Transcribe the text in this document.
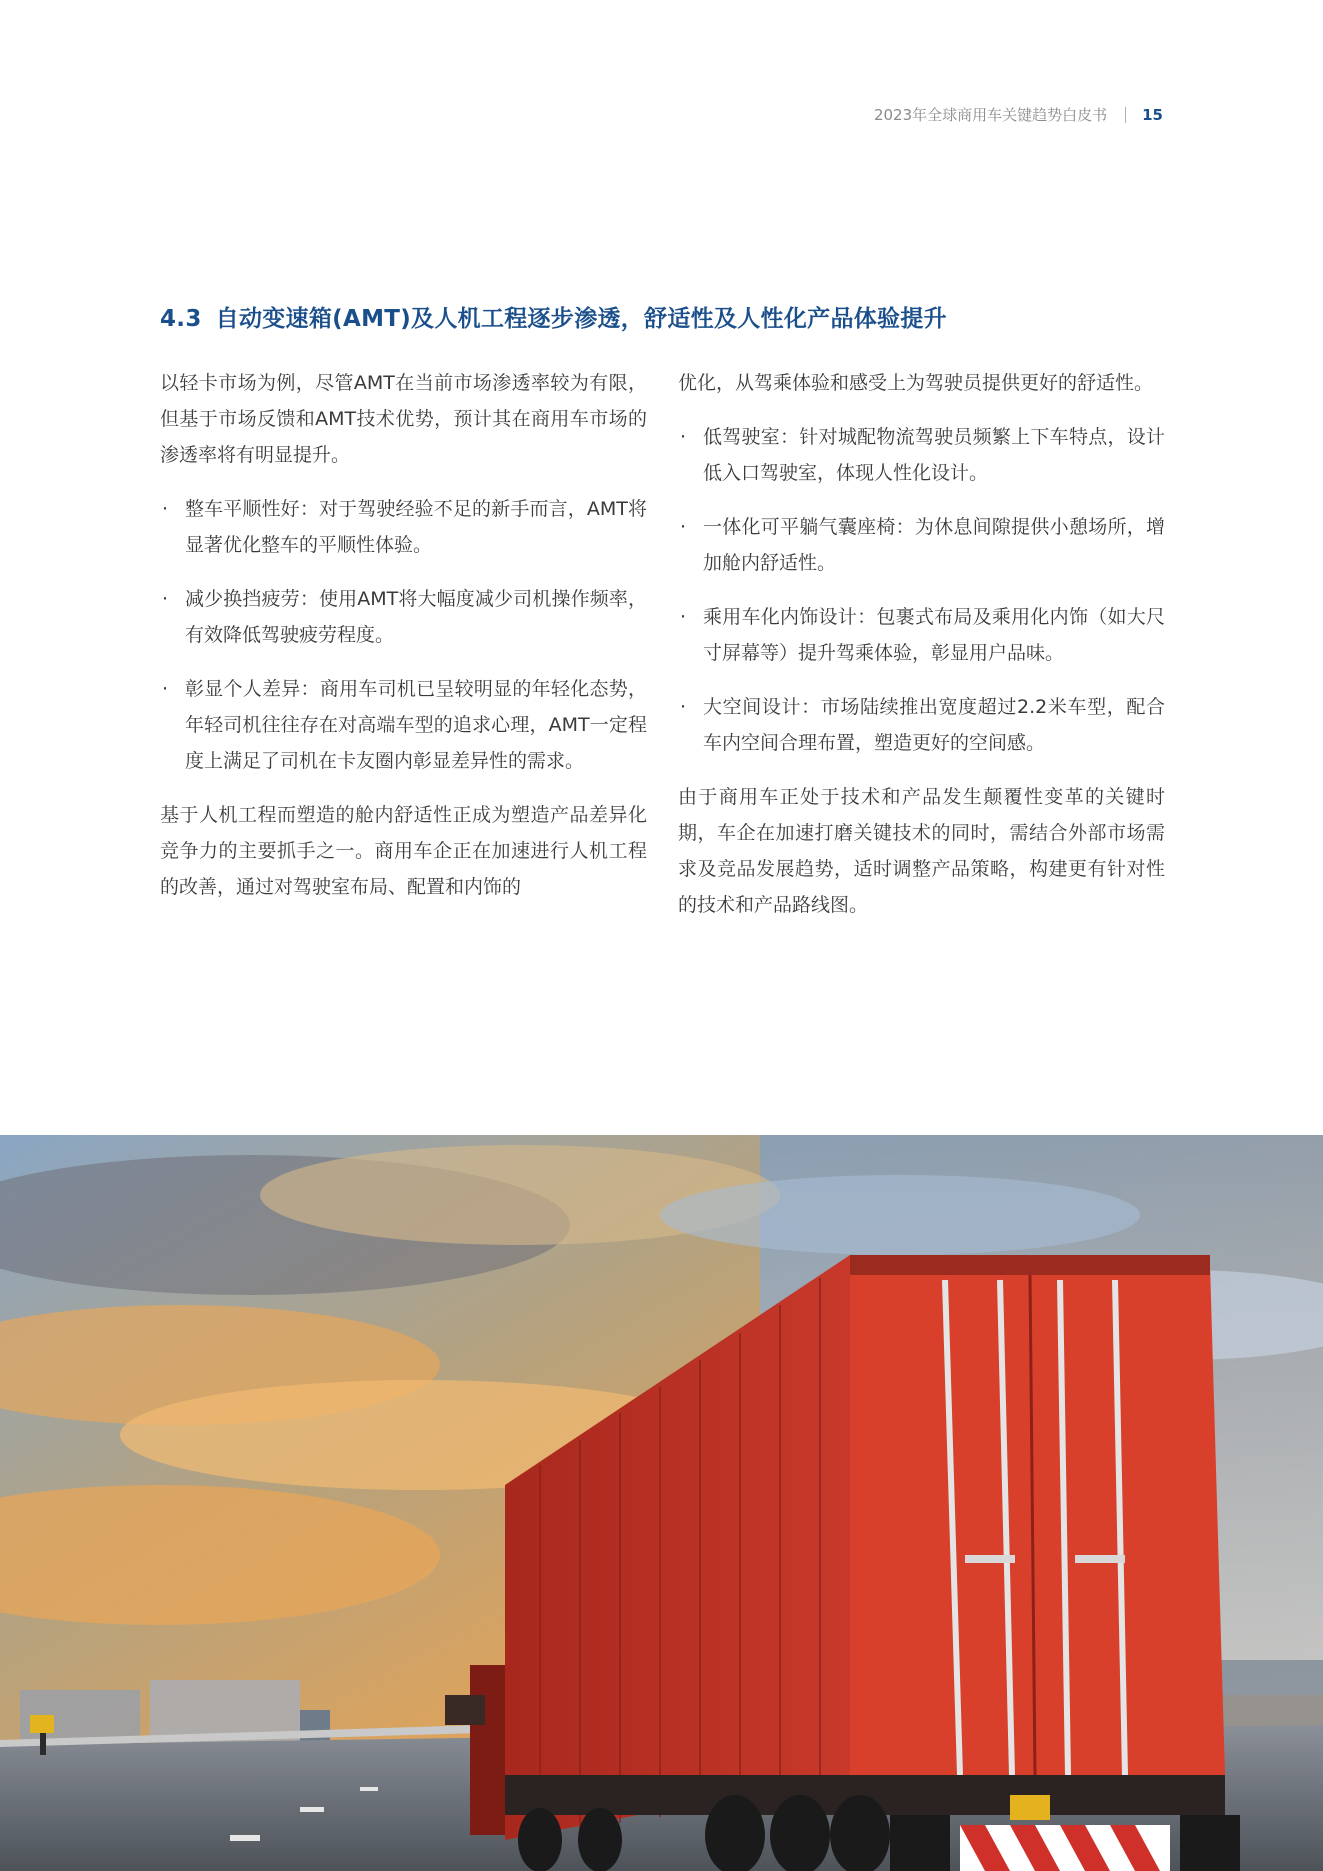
2023年全球商用车关键趋势白皮书 15
4.3 自动变速箱(AMT)及人机工程逐步渗透，舒适性及人性化产品体验提升

以轻卡市场为例，尽管AMT在当前市场渗透率较为有限，但基于市场反馈和AMT技术优势，预计其在商用车市场的渗透率将有明显提升。

· 整车平顺性好：对于驾驶经验不足的新手而言，AMT将显著优化整车的平顺性体验。
· 减少换挡疲劳：使用AMT将大幅度减少司机操作频率，有效降低驾驶疲劳程度。
· 彰显个人差异：商用车司机已呈较明显的年轻化态势，年轻司机往往存在对高端车型的追求心理，AMT一定程度上满足了司机在卡友圈内彰显差异性的需求。

基于人机工程而塑造的舱内舒适性正成为塑造产品差异化竞争力的主要抓手之一。商用车企正在加速进行人机工程的改善，通过对驾驶室布局、配置和内饰的

优化，从驾乘体验和感受上为驾驶员提供更好的舒适性。

· 低驾驶室：针对城配物流驾驶员频繁上下车特点，设计低入口驾驶室，体现人性化设计。
· 一体化可平躺气囊座椅：为休息间隙提供小憩场所，增加舱内舒适性。
· 乘用车化内饰设计：包裹式布局及乘用化内饰（如大尺寸屏幕等）提升驾乘体验，彰显用户品味。
· 大空间设计：市场陆续推出宽度超过2.2米车型，配合车内空间合理布置，塑造更好的空间感。

由于商用车正处于技术和产品发生颠覆性变革的关键时期，车企在加速打磨关键技术的同时，需结合外部市场需求及竞品发展趋势，适时调整产品策略，构建更有针对性的技术和产品路线图。
